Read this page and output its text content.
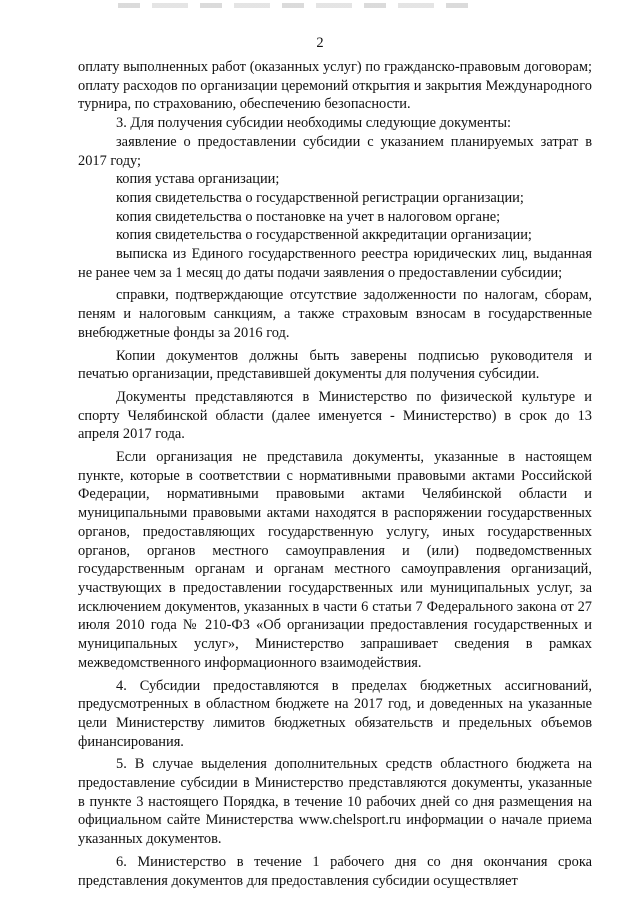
2

оплату выполненных работ (оказанных услуг) по гражданско-правовым договорам; оплату расходов по организации церемоний открытия и закрытия Международного турнира, по страхованию, обеспечению безопасности.

3. Для получения субсидии необходимы следующие документы:

заявление о предоставлении субсидии с указанием планируемых затрат в 2017 году;

копия устава организации;

копия свидетельства о государственной регистрации организации;

копия свидетельства о постановке на учет в налоговом органе;

копия свидетельства о государственной аккредитации организации;

выписка из Единого государственного реестра юридических лиц, выданная не ранее чем за 1 месяц до даты подачи заявления о предоставлении субсидии;

справки, подтверждающие отсутствие задолженности по налогам, сборам, пеням и налоговым санкциям, а также страховым взносам в государственные внебюджетные фонды за 2016 год.

Копии документов должны быть заверены подписью руководителя и печатью организации, представившей документы для получения субсидии.

Документы представляются в Министерство по физической культуре и спорту Челябинской области (далее именуется - Министерство) в срок до 13 апреля 2017 года.

Если организация не представила документы, указанные в настоящем пункте, которые в соответствии с нормативными правовыми актами Российской Федерации, нормативными правовыми актами Челябинской области и муниципальными правовыми актами находятся в распоряжении государственных органов, предоставляющих государственную услугу, иных государственных органов, органов местного самоуправления и (или) подведомственных государственным органам и органам местного самоуправления организаций, участвующих в предоставлении государственных или муниципальных услуг, за исключением документов, указанных в части 6 статьи 7 Федерального закона от 27 июля 2010 года № 210-ФЗ «Об организации предоставления государственных и муниципальных услуг», Министерство запрашивает сведения в рамках межведомственного информационного взаимодействия.

4. Субсидии предоставляются в пределах бюджетных ассигнований, предусмотренных в областном бюджете на 2017 год, и доведенных на указанные цели Министерству лимитов бюджетных обязательств и предельных объемов финансирования.

5. В случае выделения дополнительных средств областного бюджета на предоставление субсидии в Министерство представляются документы, указанные в пункте 3 настоящего Порядка, в течение 10 рабочих дней со дня размещения на официальном сайте Министерства www.chelsport.ru информации о начале приема указанных документов.

6. Министерство в течение 1 рабочего дня со дня окончания срока представления документов для предоставления субсидии осуществляет
